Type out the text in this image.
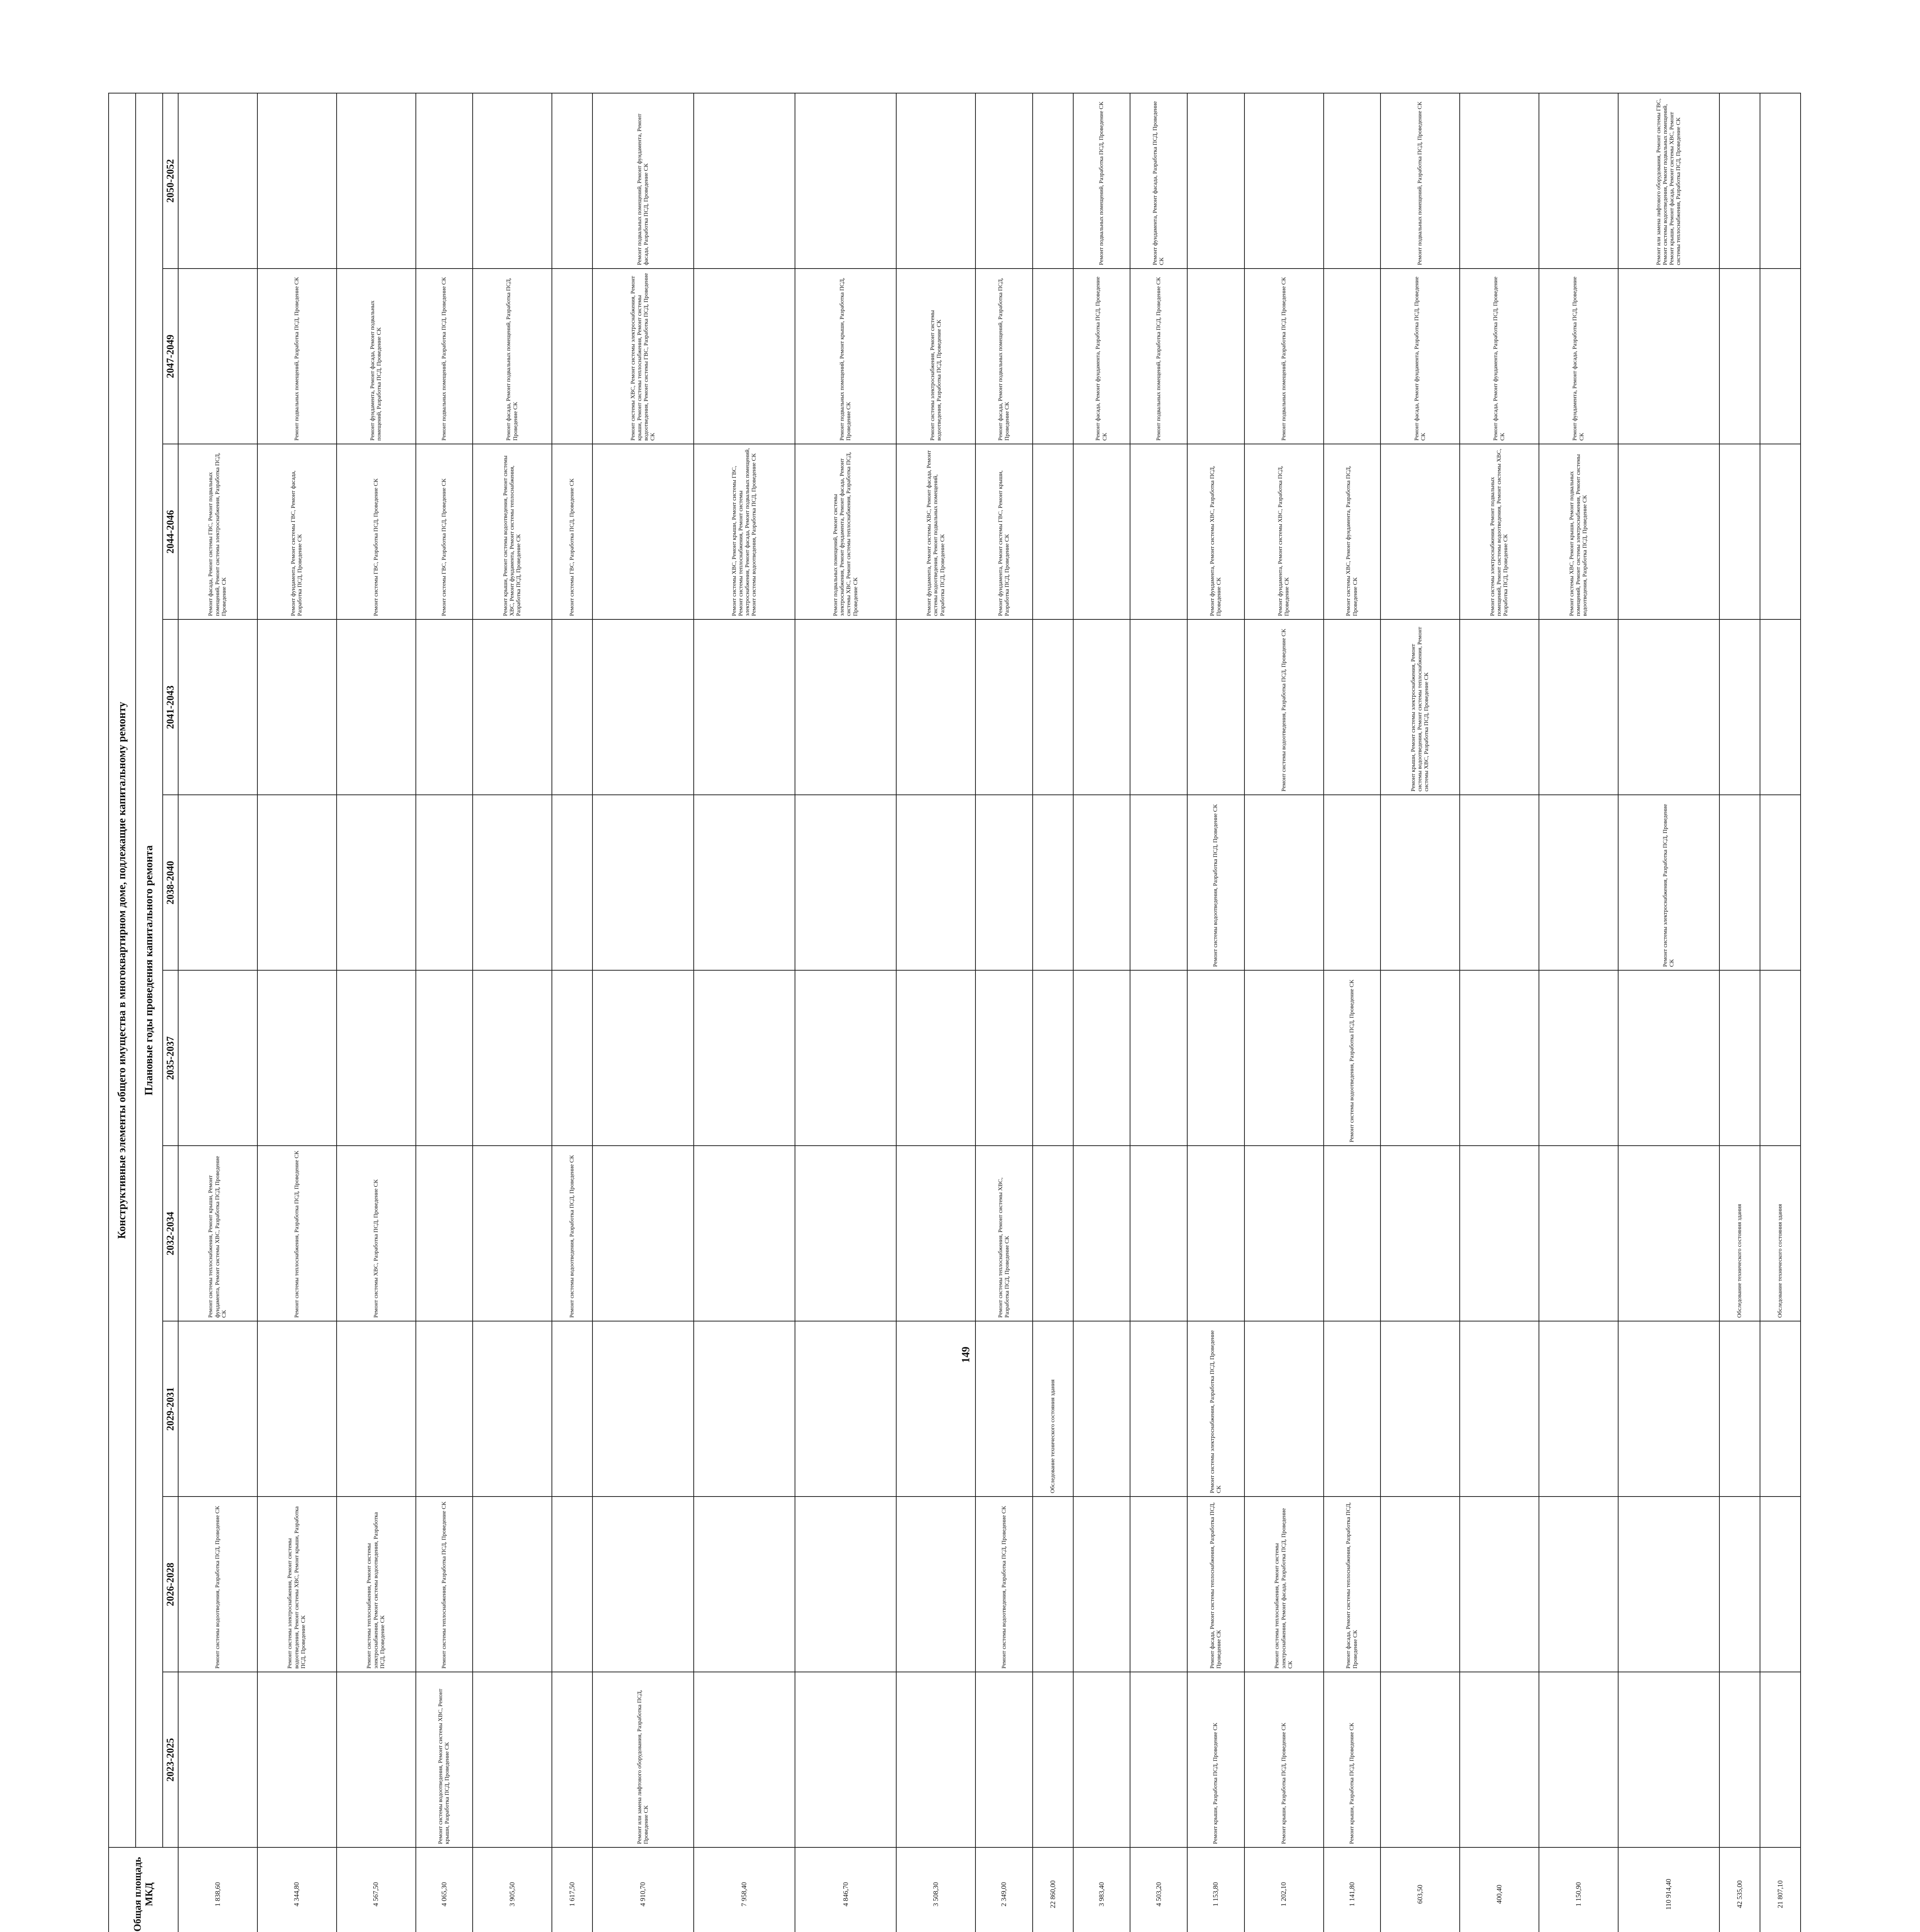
149
								Общая площадь МКД	Конструктивные элементы общего имущества в многоквартирном доме, подлежащие капитальному ремонту									
									Плановые годы проведения капитального ремонта									
									2023-2025	2026-2028	2029-2031	2032-2034	2035-2037	2038-2040	2041-2043	2044-2046	2047-2049	2050-2052
								1 838,60		Ремонт системы водоотведения, Разработка ПСД, Проведение СК		Ремонт системы теплоснабжения, Ремонт крыши, Ремонт фундамента, Ремонт системы ХВС, Разработка ПСД, Проведение СК				Ремонт фасада, Ремонт системы ГВС, Ремонт подвальных помещений, Ремонт системы электроснабжения, Разработка ПСД, Проведение СК		
								4 344,80		Ремонт системы электроснабжения, Ремонт системы водоотведения, Ремонт системы ХВС, Ремонт крыши, Разработка ПСД, Проведение СК		Ремонт системы теплоснабжения, Разработка ПСД, Проведение СК				Ремонт фундамента, Ремонт системы ГВС, Ремонт фасада, Разработка ПСД, Проведение СК	Ремонт подвальных помещений, Разработка ПСД, Проведение СК	
								4 567,50		Ремонт системы теплоснабжения, Ремонт системы электроснабжения, Ремонт системы водоотведения, Разработка ПСД, Проведение СК		Ремонт системы ХВС, Разработка ПСД, Проведение СК				Ремонт системы ГВС, Разработка ПСД, Проведение СК	Ремонт фундамента, Ремонт фасада, Ремонт подвальных помещений, Разработка ПСД, Проведение СК	
								4 065,30	Ремонт системы водоотведения, Ремонт системы ХВС, Ремонт крыши, Разработка ПСД, Проведение СК	Ремонт системы теплоснабжения, Разработка ПСД, Проведение СК						Ремонт системы ГВС, Разработка ПСД, Проведение СК	Ремонт подвальных помещений, Разработка ПСД, Проведение СК	
								3 905,50								Ремонт крыши, Ремонт системы водоотведения, Ремонт системы ХВС, Ремонт фундамента, Ремонт системы теплоснабжения, Разработка ПСД, Проведение СК	Ремонт фасада, Ремонт подвальных помещений, Разработка ПСД, Проведение СК	
								1 617,50				Ремонт системы водоотведения, Разработка ПСД, Проведение СК				Ремонт системы ГВС, Разработка ПСД, Проведение СК		
								4 910,70	Ремонт или замена лифтового оборудования, Разработка ПСД, Проведение СК								Ремонт системы ХВС, Ремонт системы электроснабжения, Ремонт крыши, Ремонт системы теплоснабжения, Ремонт системы водоотведения, Ремонт системы ГВС, Разработка ПСД, Проведение СК	Ремонт подвальных помещений, Ремонт фундамента, Ремонт фасада, Разработка ПСД, Проведение СК
								7 958,40								Ремонт системы ХВС, Ремонт крыши, Ремонт системы ГВС, Ремонт системы теплоснабжения, Ремонт системы электроснабжения, Ремонт фасада, Ремонт подвальных помещений, Ремонт системы водоотведения, Разработка ПСД, Проведение СК		
								4 846,70								Ремонт подвальных помещений, Ремонт системы электроснабжения, Ремонт фундамента, Ремонт фасада, Ремонт системы ХВС, Ремонт системы теплоснабжения, Разработка ПСД, Проведение СК	Ремонт подвальных помещений, Ремонт крыши, Разработка ПСД, Проведение СК	
								3 508,30								Ремонт фундамента, Ремонт системы ХВС, Ремонт фасада, Ремонт системы водоотведения, Ремонт подвальных помещений, Разработка ПСД, Проведение СК	Ремонт системы электроснабжения, Ремонт системы водоотведения, Разработка ПСД, Проведение СК	
								2 349,00		Ремонт системы водоотведения, Разработка ПСД, Проведение СК		Ремонт системы теплоснабжения, Ремонт системы ХВС, Разработка ПСД, Проведение СК				Ремонт фундамента, Ремонт системы ГВС, Ремонт крыши, Разработка ПСД, Проведение СК	Ремонт фасада, Ремонт подвальных помещений, Разработка ПСД, Проведение СК	
								22 860,00			Обследование технического состояния здания							
								3 983,40									Ремонт фасада, Ремонт фундамента, Разработка ПСД, Проведение СК	Ремонт подвальных помещений, Разработка ПСД, Проведение СК
								4 503,20									Ремонт подвальных помещений, Разработка ПСД, Проведение СК	Ремонт фундамента, Ремонт фасада, Разработка ПСД, Проведение СК
								1 153,80	Ремонт крыши, Разработка ПСД, Проведение СК	Ремонт фасада, Ремонт системы теплоснабжения, Разработка ПСД, Проведение СК	Ремонт системы электроснабжения, Разработка ПСД, Проведение СК			Ремонт системы водоотведения, Разработка ПСД, Проведение СК		Ремонт фундамента, Ремонт системы ХВС, Разработка ПСД, Проведение СК		
								1 202,10	Ремонт крыши, Разработка ПСД, Проведение СК	Ремонт системы теплоснабжения, Ремонт системы электроснабжения, Ремонт фасада, Разработка ПСД, Проведение СК					Ремонт системы водоотведения, Разработка ПСД, Проведение СК	Ремонт фундамента, Ремонт системы ХВС, Разработка ПСД, Проведение СК	Ремонт подвальных помещений, Разработка ПСД, Проведение СК	
								1 141,80	Ремонт крыши, Разработка ПСД, Проведение СК	Ремонт фасада, Ремонт системы теплоснабжения, Разработка ПСД, Проведение СК			Ремонт системы водоотведения, Разработка ПСД, Проведение СК			Ремонт системы ХВС, Ремонт фундамента, Разработка ПСД, Проведение СК		
								603,50							Ремонт крыши, Ремонт системы электроснабжения, Ремонт системы водоотведения, Ремонт системы теплоснабжения, Ремонт системы ХВС, Разработка ПСД, Проведение СК		Ремонт фасада, Ремонт фундамента, Разработка ПСД, Проведение СК	Ремонт подвальных помещений, Разработка ПСД, Проведение СК
								400,40								Ремонт системы электроснабжения, Ремонт подвальных помещений, Ремонт системы водоотведения, Ремонт системы ХВС, Разработка ПСД, Проведение СК	Ремонт фасада, Ремонт фундамента, Разработка ПСД, Проведение СК	
								1 150,90								Ремонт системы ХВС, Ремонт крыши, Ремонт подвальных помещений, Ремонт системы электроснабжения, Ремонт системы водоотведения, Разработка ПСД, Проведение СК	Ремонт фундамента, Ремонт фасада, Разработка ПСД, Проведение СК	
								110 914,40						Ремонт системы электроснабжения, Разработка ПСД, Проведение СК				Ремонт или замена лифтового оборудования, Ремонт системы ГВС, Ремонт системы водоотведения, Ремонт подвальных помещений, Ремонт крыши, Ремонт фасада, Ремонт системы ХВС, Ремонт системы теплоснабжения, Разработка ПСД, Проведение СК
								42 535,00				Обследование технического состояния здания						
								21 807,10				Обследование технического состояния здания						
